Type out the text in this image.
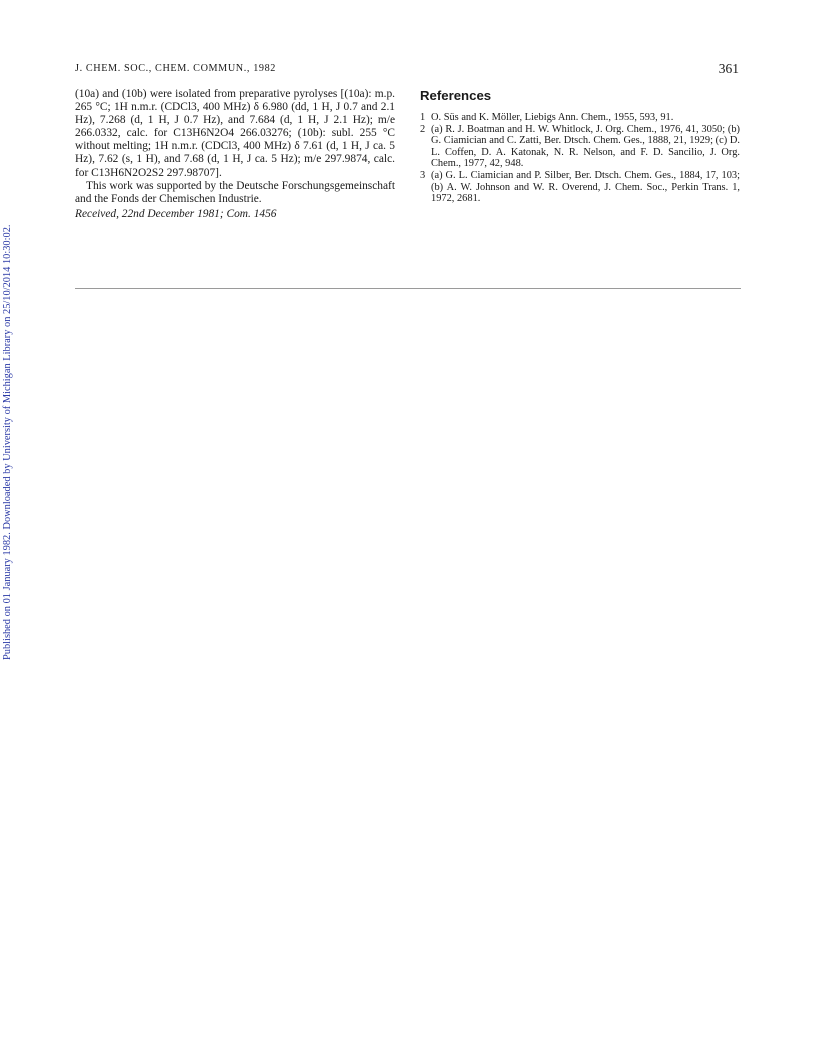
Published on 01 January 1982. Downloaded by University of Michigan Library on 25/10/2014 10:30:02.
J. CHEM. SOC., CHEM. COMMUN., 1982	361

(10a) and (10b) were isolated from preparative pyrolyses [(10a): m.p. 265 °C; 1H n.m.r. (CDCl3, 400 MHz) δ 6.980 (dd, 1 H, J 0.7 and 2.1 Hz), 7.268 (d, 1 H, J 0.7 Hz), and 7.684 (d, 1 H, J 2.1 Hz); m/e 266.0332, calc. for C13H6N2O4 266.03276; (10b): subl. 255 °C without melting; 1H n.m.r. (CDCl3, 400 MHz) δ 7.61 (d, 1 H, J ca. 5 Hz), 7.62 (s, 1 H), and 7.68 (d, 1 H, J ca. 5 Hz); m/e 297.9874, calc. for C13H6N2O2S2 297.98707].

This work was supported by the Deutsche Forschungsgemeinschaft and the Fonds der Chemischen Industrie.

Received, 22nd December 1981; Com. 1456

References
1 O. Süs and K. Möller, Liebigs Ann. Chem., 1955, 593, 91.
2 (a) R. J. Boatman and H. W. Whitlock, J. Org. Chem., 1976, 41, 3050; (b) G. Ciamician and C. Zatti, Ber. Dtsch. Chem. Ges., 1888, 21, 1929; (c) D. L. Coffen, D. A. Katonak, N. R. Nelson, and F. D. Sancilio, J. Org. Chem., 1977, 42, 948.
3 (a) G. L. Ciamician and P. Silber, Ber. Dtsch. Chem. Ges., 1884, 17, 103; (b) A. W. Johnson and W. R. Overend, J. Chem. Soc., Perkin Trans. 1, 1972, 2681.
